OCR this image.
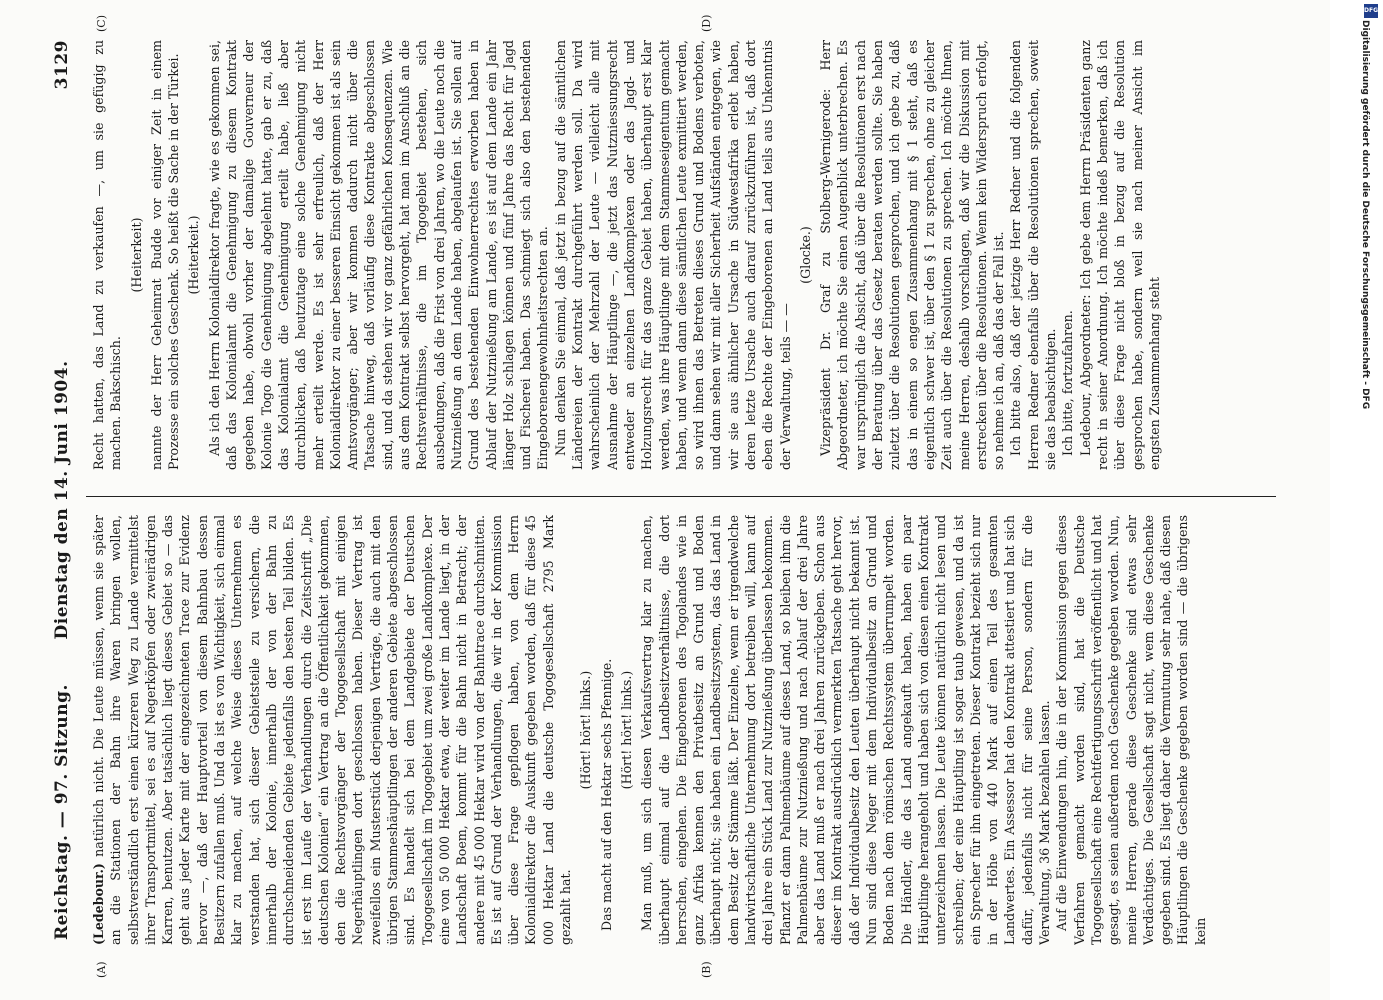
Reichstag. — 97. Sitzung.
Dienstag den 14. Juni 1904.
3129
(A)	(B)
(C)	(D)

(Ledebour.) natürlich nicht. Die Leute müssen, wenn sie später an die Stationen der Bahn ihre Waren bringen wollen, selbstverständlich erst einen kürzeren Weg zu Lande vermittelst ihrer Transportmittel, sei es auf Negerköpfen oder zweirädrigen Karren, benutzen. Aber tatsächlich liegt dieses Gebiet so — das geht aus jeder Karte mit der eingezeichneten Trace zur Evidenz hervor —, daß der Hauptvorteil von diesem Bahnbau dessen Besitzern zufallen muß. Und da ist es von Wichtigkeit, sich einmal klar zu machen, auf welche Weise dieses Unternehmen es verstanden hat, sich dieser Gebietsteile zu versichern, die innerhalb der Kolonie, innerhalb der von der Bahn zu durchschneidenden Gebiete jedenfalls den besten Teil bilden. Es ist erst im Laufe der Verhandlungen durch die Zeitschrift „Die deutschen Kolonien“ ein Vertrag an die Öffentlichkeit gekommen, den die Rechtsvorgänger der Togogesellschaft mit einigen Negerhäuptlingen dort geschlossen haben. Dieser Vertrag ist zweifellos ein Musterstück derjenigen Verträge, die auch mit den übrigen Stammeshäuptlingen der anderen Gebiete abgeschlossen sind. Es handelt sich bei dem Landgebiete der Deutschen Togogesellschaft im Togogebiet um zwei große Landkomplexe. Der eine von 50 000 Hektar etwa, der weiter im Lande liegt, in der Landschaft Boem, kommt für die Bahn nicht in Betracht; der andere mit 45 000 Hektar wird von der Bahntrace durchschnitten. Es ist auf Grund der Verhandlungen, die wir in der Kommission über diese Frage gepflogen haben, von dem Herrn Kolonialdirektor die Auskunft gegeben worden, daß für diese 45 000 Hektar Land die deutsche Togogesellschaft 2795 Mark gezahlt hat.

(Hört! hört! links.) Das macht auf den Hektar sechs Pfennige. (Hört! hört! links.) Man muß, um sich diesen Verkaufsvertrag klar zu machen, überhaupt einmal auf die Landbesitzverhältnisse, die dort herrschen, eingehen. Die Eingeborenen des Togolandes wie in ganz Afrika kennen den Privatbesitz an Grund und Boden überhaupt nicht; sie haben ein Landbesitzsystem, das das Land in dem Besitz der Stämme läßt. Der Einzelne, wenn er irgendwelche landwirtschaftliche Unternehmung dort betreiben will, kann auf drei Jahre ein Stück Land zur Nutznießung überlassen bekommen. Pflanzt er dann Palmenbäume auf dieses Land, so bleiben ihm die Palmenbäume zur Nutznießung und nach Ablauf der drei Jahre aber das Land muß er nach drei Jahren zurückgeben. Schon aus dieser im Kontrakt ausdrücklich vermerkten Tatsache geht hervor, daß der Individualbesitz den Leuten überhaupt nicht bekannt ist. Nun sind diese Neger mit dem Individualbesitz an Grund und Boden nach dem römischen Rechtssystem überrumpelt worden. Die Händler, die das Land angekauft haben, haben ein paar Häuptlinge herangeholt und haben sich von diesen einen Kontrakt unterzeichnen lassen. Die Leute können natürlich nicht lesen und schreiben; der eine Häuptling ist sogar taub gewesen, und da ist ein Sprecher für ihn eingetreten. Dieser Kontrakt bezieht sich nur in der Höhe von 440 Mark auf einen Teil des gesamten Landwertes. Ein Assessor hat den Kontrakt attestiert und hat sich dafür, jedenfalls nicht für seine Person, sondern für die Verwaltung, 36 Mark bezahlen lassen. Auf die Einwendungen hin, die in der Kommission gegen dieses Verfahren gemacht worden sind, hat die Deutsche Togogesellschaft eine Rechtfertigungsschrift veröffentlicht und hat gesagt, es seien außerdem noch Geschenke gegeben worden. Nun, meine Herren, gerade diese Geschenke sind etwas sehr Verdächtiges. Die Gesellschaft sagt nicht, wem diese Geschenke gegeben sind. Es liegt daher die Vermutung sehr nahe, daß diesen Häuptlingen die Geschenke gegeben worden sind — die übrigens kein

Recht hatten, das Land zu verkaufen —, um sie gefügig zu machen. Bakschisch.

(Heiterkeit) nannte der Herr Geheimrat Budde vor einiger Zeit in einem Prozesse ein solches Geschenk. So heißt die Sache in der Türkei. (Heiterkeit.) Als ich den Herrn Kolonialdirektor fragte, wie es gekommen sei, daß das Kolonialamt die Genehmigung zu diesem Kontrakt gegeben habe, obwohl vorher der damalige Gouverneur der Kolonie Togo die Genehmigung abgelehnt hatte, gab er zu, daß das Kolonialamt die Genehmigung erteilt habe, ließ aber durchblicken, daß heutzutage eine solche Genehmigung nicht mehr erteilt werde. Es ist sehr erfreulich, daß der Herr Kolonialdirektor zu einer besseren Einsicht gekommen ist als sein Amtsvorgänger; aber wir kommen dadurch nicht über die Tatsache hinweg, daß vorläufig diese Kontrakte abgeschlossen sind, und da stehen wir vor ganz gefährlichen Konsequenzen. Wie aus dem Kontrakt selbst hervorgeht, hat man im Anschluß an die Rechtsverhältnisse, die im Togogebiet bestehen, sich ausbedungen, daß die Frist von drei Jahren, wo die Leute noch die Nutznießung an dem Lande haben, abgelaufen ist. Sie sollen auf Grund des bestehenden Einwohnerrechtes erworben haben in Ablauf der Nutznießung am Lande, es ist auf dem Lande ein Jahr länger Holz schlagen können und fünf Jahre das Recht für Jagd und Fischerei haben. Das schmiegt sich also den bestehenden Eingeborenengewohnheitsrechten an. Nun denken Sie einmal, daß jetzt in bezug auf die sämtlichen Ländereien der Kontrakt durchgeführt werden soll. Da wird wahrscheinlich der Mehrzahl der Leute — vielleicht alle mit Ausnahme der Häuptlinge —, die jetzt das Nutzniessungsrecht entweder an einzelnen Landkomplexen oder das Jagd- und Holzungsrecht für das ganze Gebiet haben, überhaupt erst klar werden, was ihre Häuptlinge mit dem Stammeseigentum gemacht haben, und wenn dann diese sämtlichen Leute exmittiert werden, so wird ihnen das Betreten dieses Grund und Bodens verboten, und dann sehen wir mit aller Sicherheit Aufständen entgegen, wie wir sie aus ähnlicher Ursache in Südwestafrika erlebt haben, deren letzte Ursache auch darauf zurückzuführen ist, daß dort eben die Rechte der Eingeborenen an Land teils aus Unkenntnis der Verwaltung, teils — —

(Glocke.) Vizepräsident Dr. Graf zu Stolberg-Wernigerode: Herr Abgeordneter, ich möchte Sie einen Augenblick unterbrechen. Es war ursprünglich die Absicht, daß über die Resolutionen erst nach der Beratung über das Gesetz beraten werden sollte. Sie haben zuletzt über die Resolutionen gesprochen, und ich gebe zu, daß das in einem so engen Zusammenhang mit § 1 steht, daß es eigentlich schwer ist, über den § 1 zu sprechen, ohne zu gleicher Zeit auch über die Resolutionen zu sprechen. Ich möchte Ihnen, meine Herren, deshalb vorschlagen, daß wir die Diskussion mit erstrecken über die Resolutionen. Wenn kein Widerspruch erfolgt, so nehme ich an, daß das der Fall ist. Ich bitte also, daß der jetzige Herr Redner und die folgenden Herren Redner ebenfalls über die Resolutionen sprechen, soweit sie das beabsichtigen. Ich bitte, fortzufahren. Ledebour, Abgeordneter: Ich gebe dem Herrn Präsidenten ganz recht in seiner Anordnung. Ich möchte indeß bemerken, daß ich über diese Frage nicht bloß in bezug auf die Resolution gesprochen habe, sondern weil sie nach meiner Ansicht im engsten Zusammenhang steht

DFG
Digitalisierung gefördert durch die Deutsche Forschungsgemeinschaft - DFG
